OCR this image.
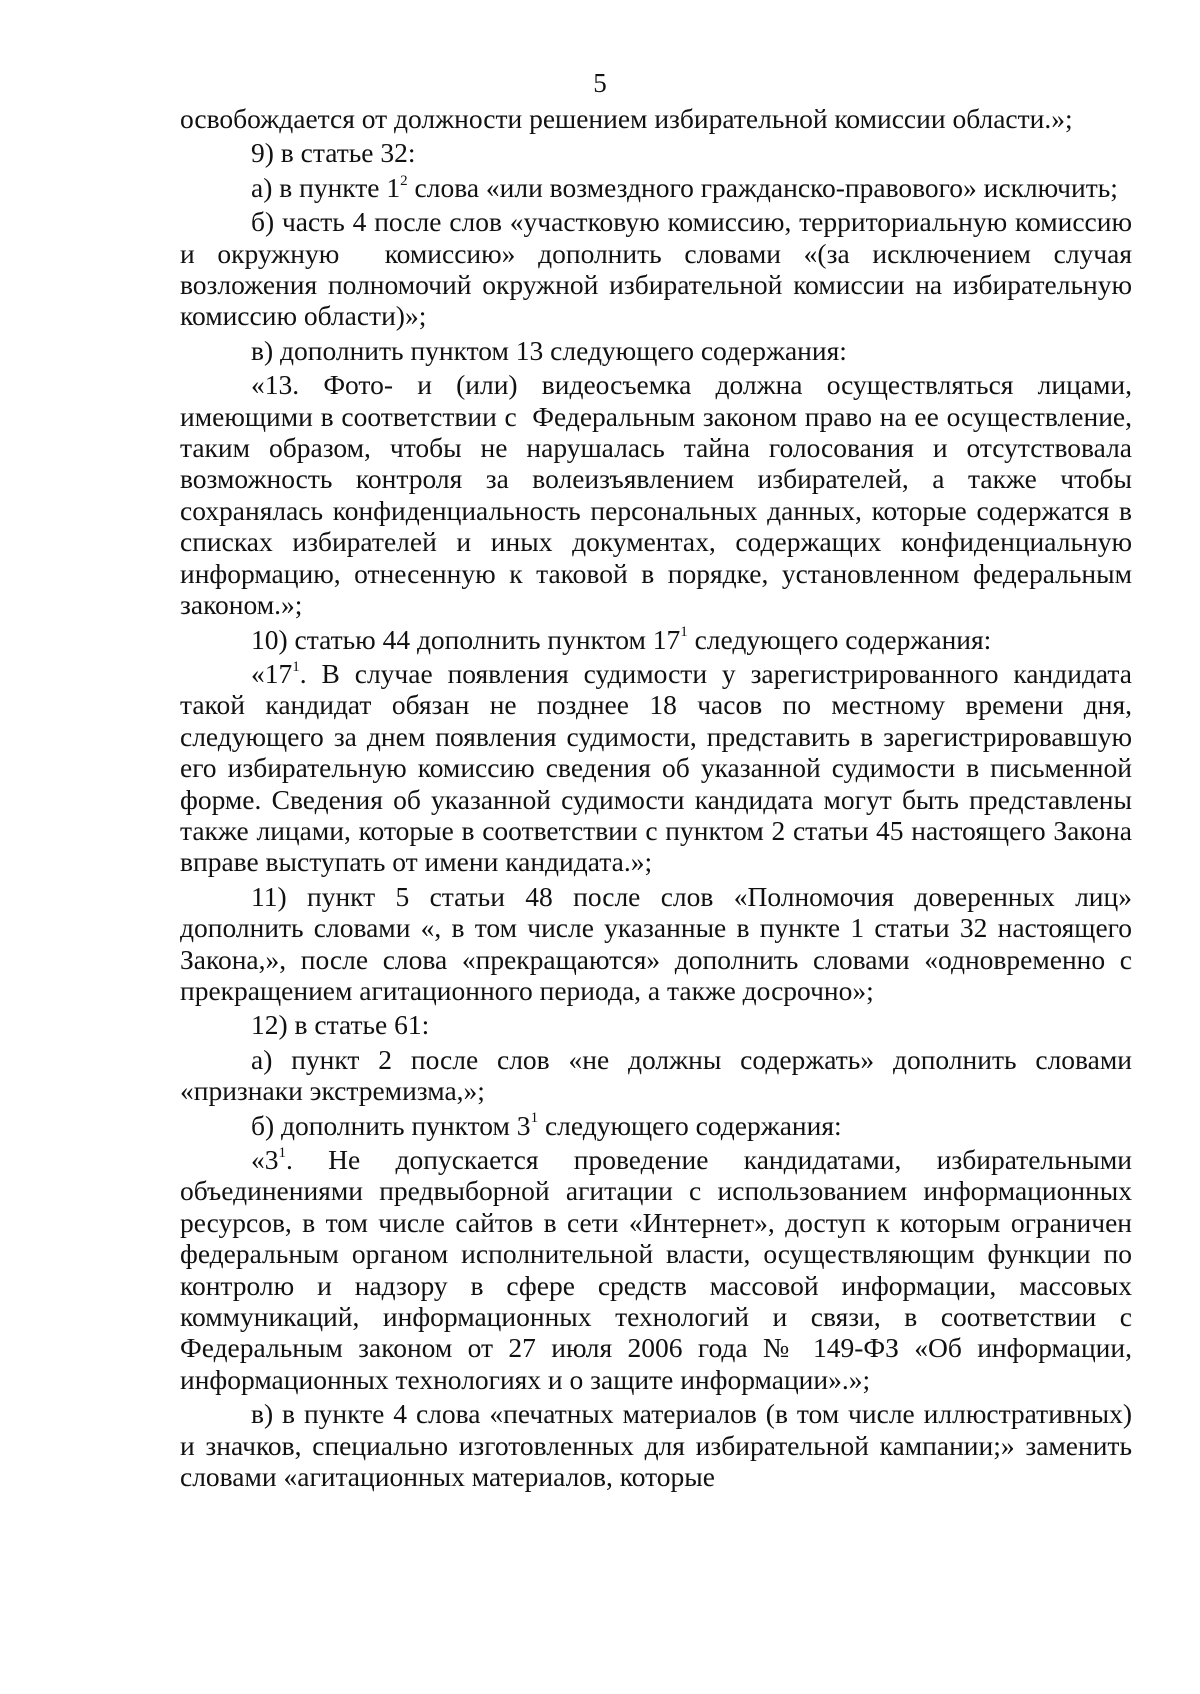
5

освобождается от должности решением избирательной комиссии области.»;

9) в статье 32:

а) в пункте $1^2$ слова «или возмездного гражданско-правового» исключить;

б) часть 4 после слов «участковую комиссию, территориальную комиссию и окружную  комиссию» дополнить словами «(за исключением случая возложения полномочий окружной избирательной комиссии на избирательную комиссию области)»;

в) дополнить пунктом 13 следующего содержания:

«13. Фото- и (или) видеосъемка должна осуществляться лицами, имеющими в соответствии с  Федеральным законом право на ее осуществление, таким образом, чтобы не нарушалась тайна голосования и отсутствовала возможность контроля за волеизъявлением избирателей, а также чтобы сохранялась конфиденциальность персональных данных, которые содержатся в списках избирателей и иных документах, содержащих конфиденциальную информацию, отнесенную к таковой в порядке, установленном федеральным законом.»;

10) статью 44 дополнить пунктом $17^1$ следующего содержания:

«$17^1$. В случае появления судимости у зарегистрированного кандидата такой кандидат обязан не позднее 18 часов по местному времени дня, следующего за днем появления судимости, представить в зарегистрировавшую его избирательную комиссию сведения об указанной судимости в письменной форме. Сведения об указанной судимости кандидата могут быть представлены также лицами, которые в соответствии с пунктом 2 статьи 45 настоящего Закона вправе выступать от имени кандидата.»;

11) пункт 5 статьи 48 после слов «Полномочия доверенных лиц» дополнить словами «, в том числе указанные в пункте 1 статьи 32 настоящего Закона,», после слова «прекращаются» дополнить словами «одновременно с прекращением агитационного периода, а также досрочно»;

12) в статье 61:

а) пункт 2 после слов «не должны содержать» дополнить словами «признаки экстремизма,»;

б) дополнить пунктом $3^1$ следующего содержания:

«$3^1$. Не допускается проведение кандидатами, избирательными объединениями предвыборной агитации с использованием информационных ресурсов, в том числе сайтов в сети «Интернет», доступ к которым ограничен федеральным органом исполнительной власти, осуществляющим функции по контролю и надзору в сфере средств массовой информации, массовых коммуникаций, информационных технологий и связи, в соответствии с Федеральным законом от 27 июля 2006 года № 149-ФЗ «Об информации, информационных технологиях и о защите информации».»;

в) в пункте 4 слова «печатных материалов (в том числе иллюстративных) и значков, специально изготовленных для избирательной кампании;» заменить словами «агитационных материалов, которые
